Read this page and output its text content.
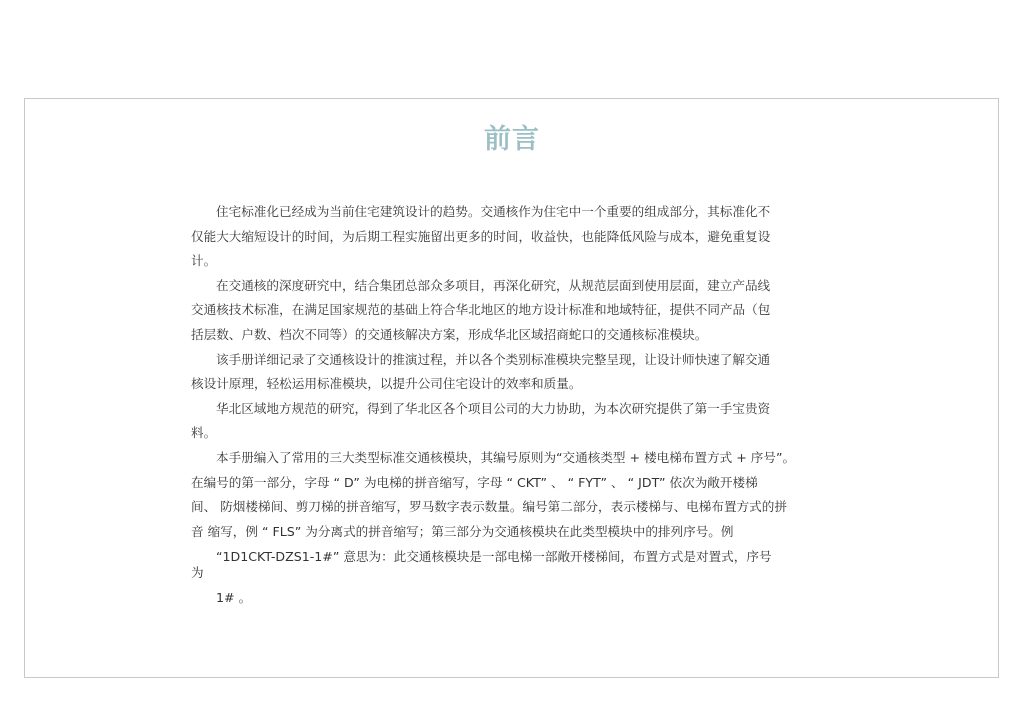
前言
住宅标准化已经成为当前住宅建筑设计的趋势。交通核作为住宅中一个重要的组成部分，其标准化不
仅能大大缩短设计的时间，为后期工程实施留出更多的时间，收益快，也能降低风险与成本，避免重复设
计。
在交通核的深度研究中，结合集团总部众多项目，再深化研究，从规范层面到使用层面，建立产品线
交通核技术标准，在满足国家规范的基础上符合华北地区的地方设计标准和地域特征，提供不同产品（包
括层数、户数、档次不同等）的交通核解决方案，形成华北区域招商蛇口的交通核标准模块。
该手册详细记录了交通核设计的推演过程，并以各个类别标准模块完整呈现，让设计师快速了解交通
核设计原理，轻松运用标准模块，以提升公司住宅设计的效率和质量。
华北区域地方规范的研究，得到了华北区各个项目公司的大力协助，为本次研究提供了第一手宝贵资
料。
本手册编入了常用的三大类型标准交通核模块，其编号原则为“交通核类型 + 楼电梯布置方式 + 序号”。
在编号的第一部分，字母 “ D” 为电梯的拼音缩写，字母 “ CKT” 、 “ FYT” 、 “ JDT” 依次为敞开楼梯
间、 防烟楼梯间、剪刀梯的拼音缩写，罗马数字表示数量。编号第二部分，表示楼梯与、电梯布置方式的拼
音 缩写，例 “ FLS” 为分离式的拼音缩写；第三部分为交通核模块在此类型模块中的排列序号。例
“1D1CKT-DZS1-1#” 意思为：此交通核模块是一部电梯一部敞开楼梯间，布置方式是对置式，序号
为
1# 。
